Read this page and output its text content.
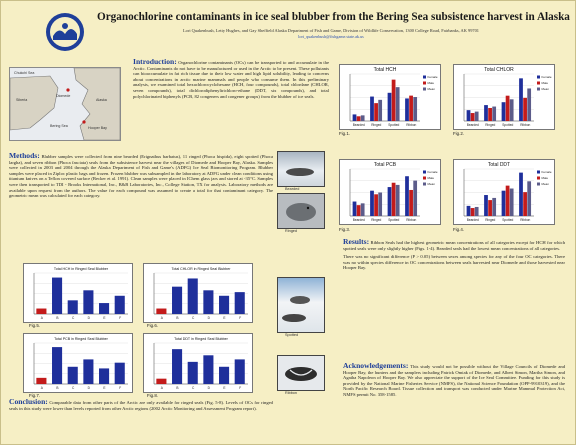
Organochlorine contaminants in ice seal blubber from the Bering Sea subsistence harvest in Alaska
Lori Quakenbush, Letty Hughes, and Gay Sheffield Alaska Department of Fish and Game, Division of Wildlife Conservation, 1300 College Road, Fairbanks, AK 99701
lori_quakenbush@fishgame.state.ak.us
Chukchi Sea
Alaska
Diomede
Hooper Bay
Bering Sea
Siberia
Introduction: Organochlorine contaminants (OCs) can be transported to and accumulate in the Arctic. Contaminants do not have to be manufactured or used in the Arctic to be present. These pollutants can bioaccumulate in fat rich tissue due to their low water and high lipid solubility, leading to concerns about concentrations in arctic marine mammals and people who consume them. In this preliminary analysis, we examined total hexachlorocyclohexane (HCH, four compounds), total chlordane (CHLOR, seven compounds), total dichlorodiphenyltrichloro-ethane (DDT, six compounds), and total polychlorinated biphenyls (PCB, 82 congeners and congener groups) from the blubber of ice seals.
Methods: Blubber samples were collected from nine bearded (Erignathus barbatus), 11 ringed (Phoca hispida), eight spotted (Phoca largha), and seven ribbon (Phoca fasciata) seals from the subsistence harvest near the villages of Diomede and Hooper Bay, Alaska. Samples were collected in 2003 and 2004 through the Alaska Department of Fish and Game's (ADFG) Ice Seal Biomonitoring Program. Blubber samples were placed in Ziploc plastic bags and frozen. Frozen blubber was subsampled in the laboratory at ADFG under clean conditions using titanium knives on a Teflon covered surface (Becker et al. 1991). Clean samples were placed in IChem glass jars and stored at -35°C. Samples were then transported to TDI - Brooks International, Inc., B&B Laboratories, Inc., College Station, TX for analysis. Laboratory methods are available upon request from the authors. The value for each compound was assumed to create a total for that contaminant category. The geometric mean was calculated for each category.
Bearded
Ringed
Spotted
Ribbon
Results: Ribbon Seals had the highest geometric mean concentrations of all categories except for HCH for which spotted seals were only slightly higher (Figs. 1-4). Bearded seals had the lowest mean concentrations of all categories.
There was no significant difference (P > 0.05) between sexes among species for any of the four OC categories. There was no within species difference in OC concentrations between seals harvested near Diomede and those harvested near Hooper Bay.
Acknowledgements: This study would not be possible without the Village Councils of Diomede and Hooper Bay, the hunters and the samplers including Patrick Omiak of Diomede, and Albert Simon, Martha Simon, and Agatha Napoleon of Hooper Bay. We also appreciate the support of the Ice Seal Committee. Funding for this study is provided by the National Marine Fisheries Service (NMFS), the National Science Foundation (OPP-9910319), and the North Pacific Research Board. Tissue collection and transport was conducted under Marine Mammal Protection Act, NMFS permit No. 358-1585.
Conclusion: Comparable data from other parts of the Arctic are only available for ringed seals (Fig. 5-8). Levels of OCs for ringed seals in this study were lower than levels reported from other Arctic regions (2002 Arctic Monitoring and Assessment Program report).
Total HCH
Bearded Ringed Spotted Ribbon
Female
Male
Mean
Fig.1.
Total CHLOR
Bearded Ringed Spotted Ribbon
Female
Male
Mean
Fig.2.
Total PCB
Bearded Ringed Spotted Ribbon
Female
Male
Mean
Fig.3.
Total DDT
Bearded Ringed Spotted Ribbon
Female
Male
Mean
Fig.4.
Total HCH in Ringed Seal Blubber
A	B	C	D	E	F
Fig.5.
Total CHLOR in Ringed Seal Blubber
A	B	C	D	E	F
Fig.6.
Total PCB in Ringed Seal Blubber
A	B	C	D	E	F
Fig.7.
Total DDT in Ringed Seal Blubber
A	B	C	D	E	F
Fig.8.
